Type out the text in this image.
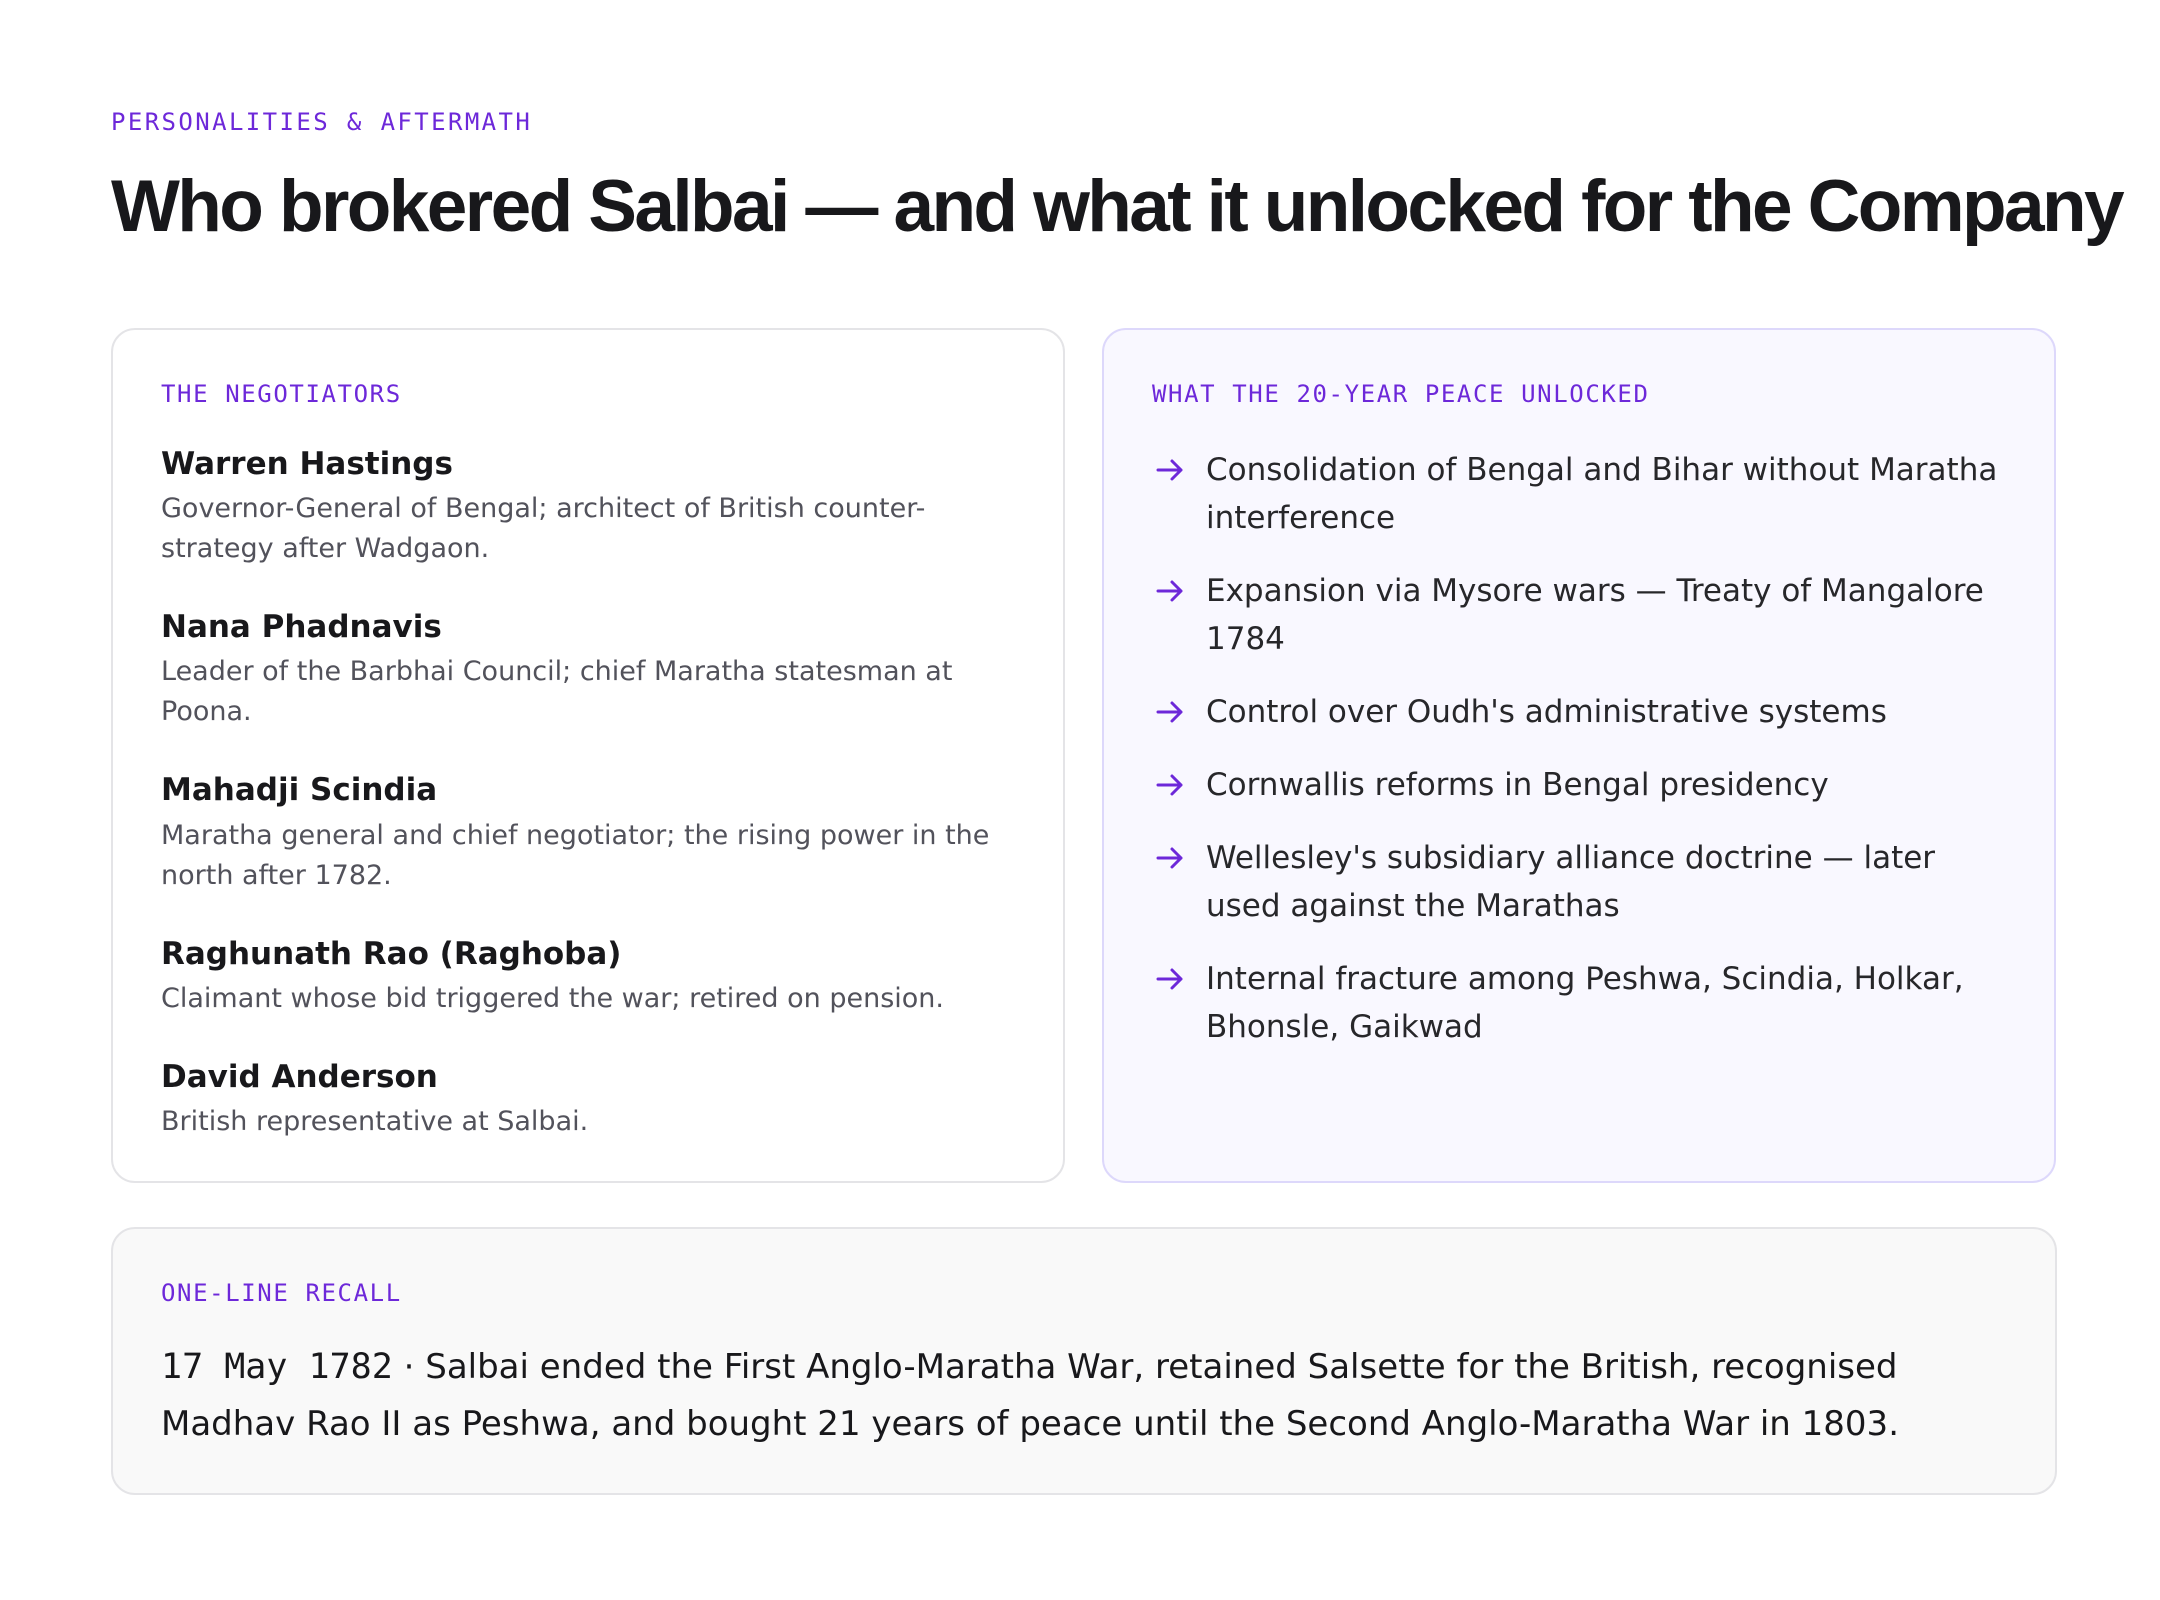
PERSONALITIES & AFTERMATH
Who brokered Salbai — and what it unlocked for the Company
THE NEGOTIATORS
Warren Hastings
Governor-General of Bengal; architect of British counter-strategy after Wadgaon.
Nana Phadnavis
Leader of the Barbhai Council; chief Maratha statesman at Poona.
Mahadji Scindia
Maratha general and chief negotiator; the rising power in the north after 1782.
Raghunath Rao (Raghoba)
Claimant whose bid triggered the war; retired on pension.
David Anderson
British representative at Salbai.
WHAT THE 20-YEAR PEACE UNLOCKED
Consolidation of Bengal and Bihar without Maratha interference
Expansion via Mysore wars — Treaty of Mangalore 1784
Control over Oudh's administrative systems
Cornwallis reforms in Bengal presidency
Wellesley's subsidiary alliance doctrine — later used against the Marathas
Internal fracture among Peshwa, Scindia, Holkar, Bhonsle, Gaikwad
ONE-LINE RECALL
17 May 1782 · Salbai ended the First Anglo-Maratha War, retained Salsette for the British, recognised Madhav Rao II as Peshwa, and bought 21 years of peace until the Second Anglo-Maratha War in 1803.
